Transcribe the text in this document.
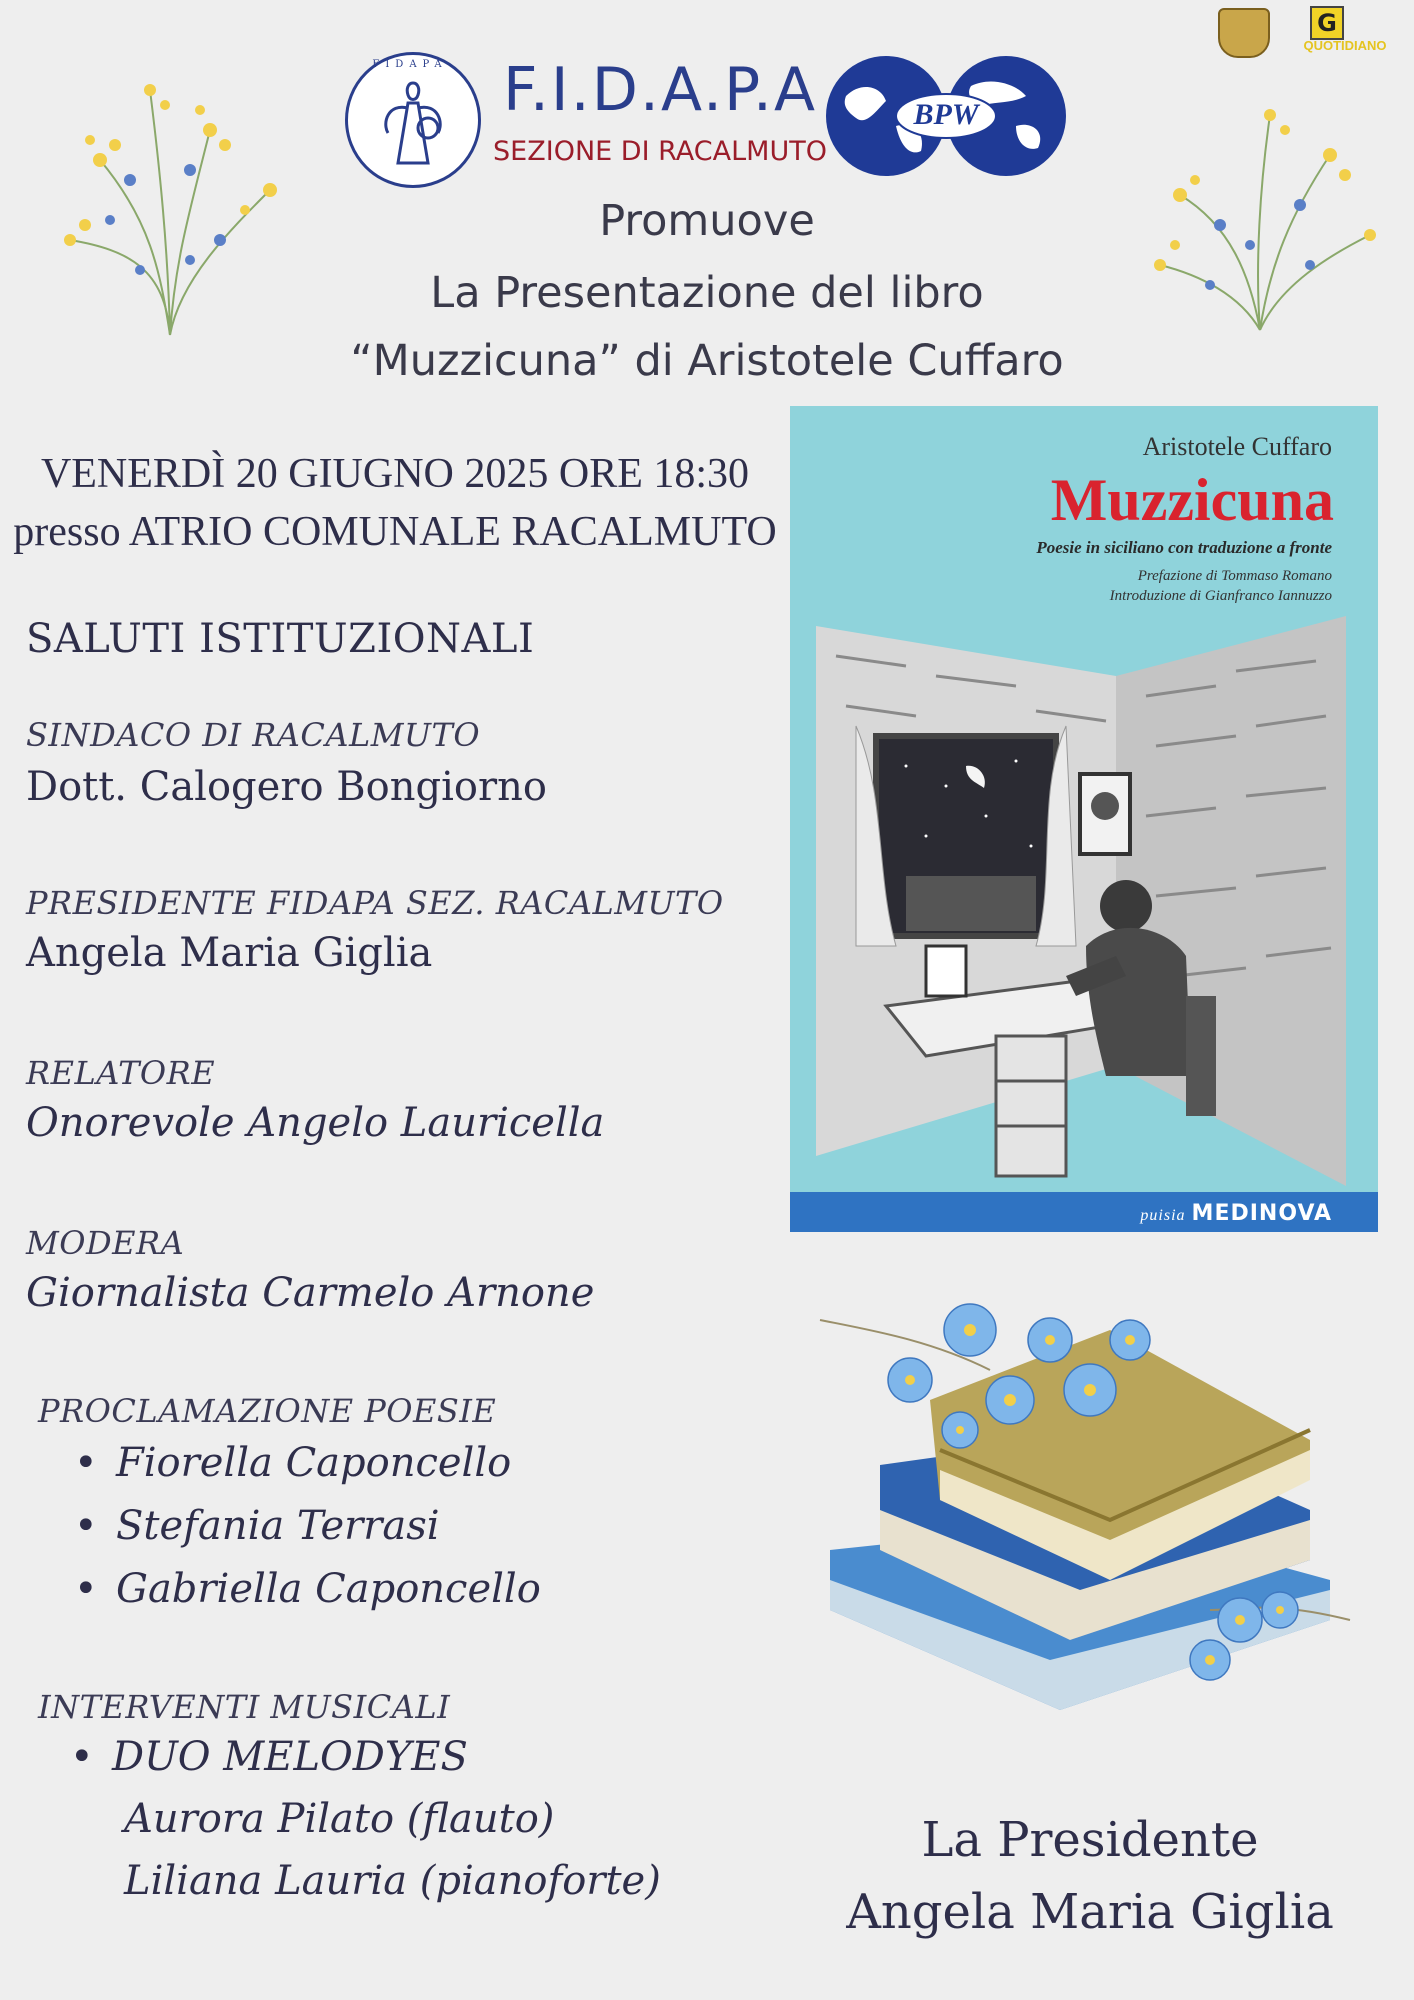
G
QUOTIDIANO
FIDAPA F.I.D.A.P.A
SEZIONE DI RACALMUTO
BPW
Promuove
La Presentazione del libro
“Muzzicuna” di Aristotele Cuffaro
VENERDÌ 20 GIUGNO 2025 ORE 18:30
presso ATRIO COMUNALE RACALMUTO
SALUTI ISTITUZIONALI
SINDACO DI RACALMUTO
Dott. Calogero Bongiorno
PRESIDENTE FIDAPA SEZ. RACALMUTO
Angela Maria Giglia
RELATORE
Onorevole Angelo Lauricella
MODERA
Giornalista Carmelo Arnone
PROCLAMAZIONE POESIE
• Fiorella Caponcello
• Stefania Terrasi
• Gabriella Caponcello
INTERVENTI MUSICALI
• DUO MELODYES
Aurora Pilato (flauto)
Liliana Lauria (pianoforte)
Aristotele Cuffaro
Muzzicuna
Poesie in siciliano con traduzione a fronte
Prefazione di Tommaso Romano
Introduzione di Gianfranco Iannuzzo
puisia MEDINOVA
La Presidente
Angela Maria Giglia
